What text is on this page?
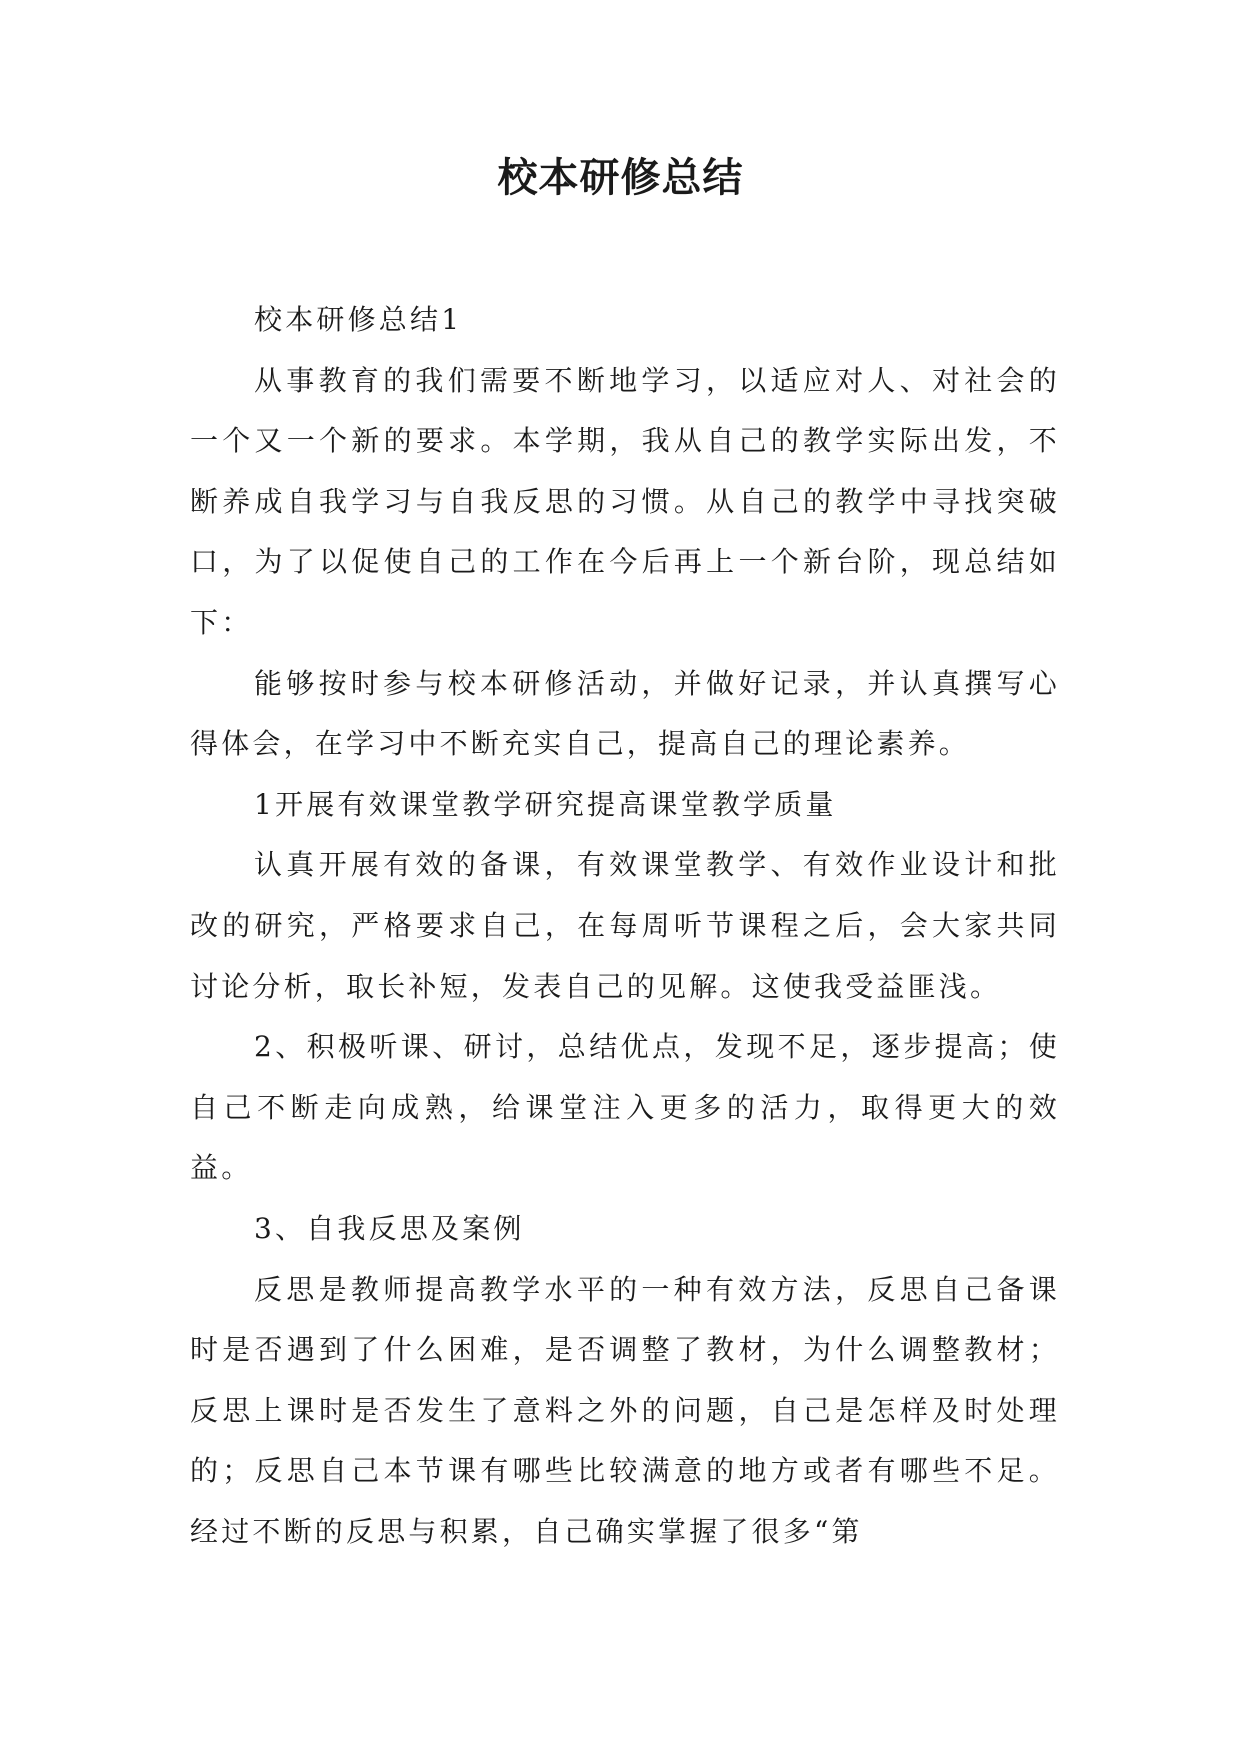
校本研修总结

校本研修总结1

从事教育的我们需要不断地学习，以适应对人、对社会的一个又一个新的要求。本学期，我从自己的教学实际出发，不断养成自我学习与自我反思的习惯。从自己的教学中寻找突破口，为了以促使自己的工作在今后再上一个新台阶，现总结如下：

能够按时参与校本研修活动，并做好记录，并认真撰写心得体会，在学习中不断充实自己，提高自己的理论素养。

1开展有效课堂教学研究提高课堂教学质量

认真开展有效的备课，有效课堂教学、有效作业设计和批改的研究，严格要求自己，在每周听节课程之后，会大家共同讨论分析，取长补短，发表自己的见解。这使我受益匪浅。

2、积极听课、研讨，总结优点，发现不足，逐步提高；使自己不断走向成熟，给课堂注入更多的活力，取得更大的效益。

3、自我反思及案例

反思是教师提高教学水平的一种有效方法，反思自己备课时是否遇到了什么困难，是否调整了教材，为什么调整教材；反思上课时是否发生了意料之外的问题，自己是怎样及时处理的；反思自己本节课有哪些比较满意的地方或者有哪些不足。经过不断的反思与积累，自己确实掌握了很多“第
